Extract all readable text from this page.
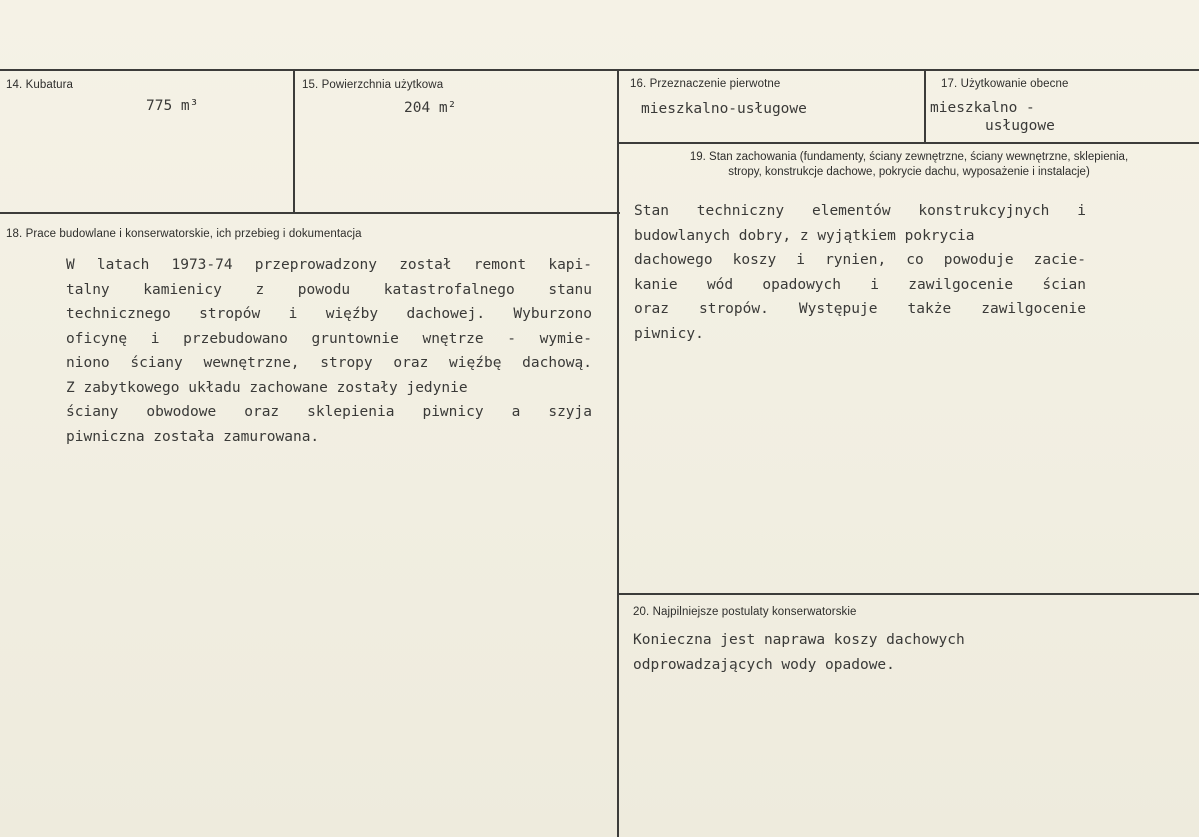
14. Kubatura
775 m³
15. Powierzchnia użytkowa
204 m²
16. Przeznaczenie pierwotne
mieszkalno-usługowe
17. Użytkowanie obecne
mieszkalno -
usługowe
19. Stan zachowania (fundamenty, ściany zewnętrzne, ściany wewnętrzne, sklepienia,
stropy, konstrukcje dachowe, pokrycie dachu, wyposażenie i instalacje)
Stan techniczny elementów konstrukcyjnych i
budowlanych dobry, z wyjątkiem pokrycia
dachowego koszy i rynien, co powoduje zacie-
kanie wód opadowych i zawilgocenie ścian
oraz stropów. Występuje także zawilgocenie
piwnicy.
18. Prace budowlane i konserwatorskie, ich przebieg i dokumentacja
W latach 1973-74 przeprowadzony został remont kapi-
talny kamienicy z powodu katastrofalnego stanu
technicznego stropów i więźby dachowej. Wyburzono
oficynę i przebudowano gruntownie wnętrze - wymie-
niono ściany wewnętrzne, stropy oraz więźbę dachową.
Z zabytkowego układu zachowane zostały jedynie
ściany obwodowe oraz sklepienia piwnicy a szyja
piwniczna została zamurowana.
20. Najpilniejsze postulaty konserwatorskie
Konieczna jest naprawa koszy dachowych
odprowadzających wody opadowe.
